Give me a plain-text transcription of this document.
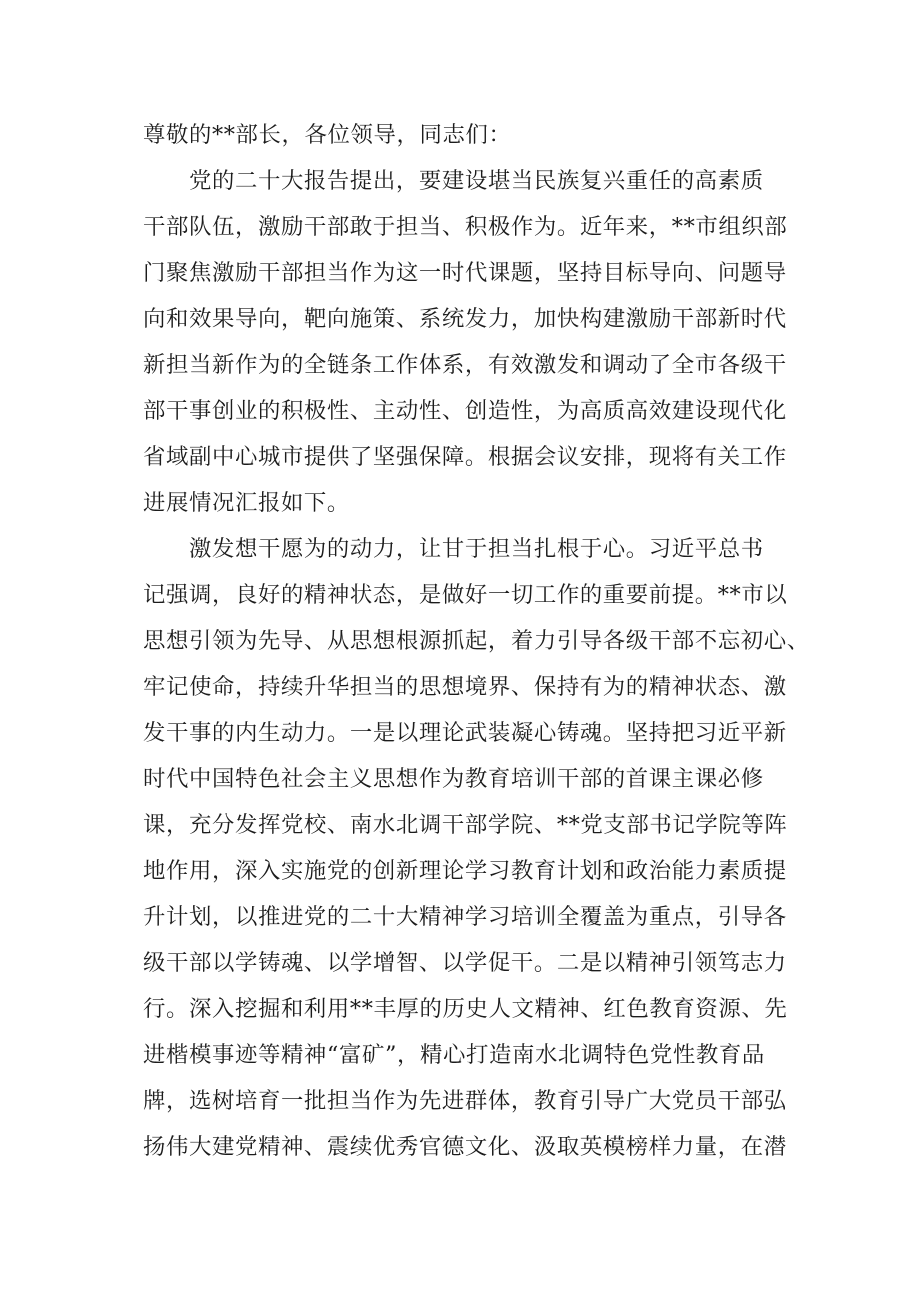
尊敬的**部长，各位领导，同志们：
　　党的二十大报告提出，要建设堪当民族复兴重任的高素质
干部队伍，激励干部敢于担当、积极作为。近年来，**市组织部
门聚焦激励干部担当作为这一时代课题，坚持目标导向、问题导
向和效果导向，靶向施策、系统发力，加快构建激励干部新时代
新担当新作为的全链条工作体系，有效激发和调动了全市各级干
部干事创业的积极性、主动性、创造性，为高质高效建设现代化
省域副中心城市提供了坚强保障。根据会议安排，现将有关工作
进展情况汇报如下。
　　激发想干愿为的动力，让甘于担当扎根于心。习近平总书
记强调，良好的精神状态，是做好一切工作的重要前提。**市以
思想引领为先导、从思想根源抓起，着力引导各级干部不忘初心、
牢记使命，持续升华担当的思想境界、保持有为的精神状态、激
发干事的内生动力。一是以理论武装凝心铸魂。坚持把习近平新
时代中国特色社会主义思想作为教育培训干部的首课主课必修
课，充分发挥党校、南水北调干部学院、**党支部书记学院等阵
地作用，深入实施党的创新理论学习教育计划和政治能力素质提
升计划，以推进党的二十大精神学习培训全覆盖为重点，引导各
级干部以学铸魂、以学增智、以学促干。二是以精神引领笃志力
行。深入挖掘和利用**丰厚的历史人文精神、红色教育资源、先
进楷模事迹等精神“富矿”，精心打造南水北调特色党性教育品
牌，选树培育一批担当作为先进群体，教育引导广大党员干部弘
扬伟大建党精神、震续优秀官德文化、汲取英模榜样力量，在潜
